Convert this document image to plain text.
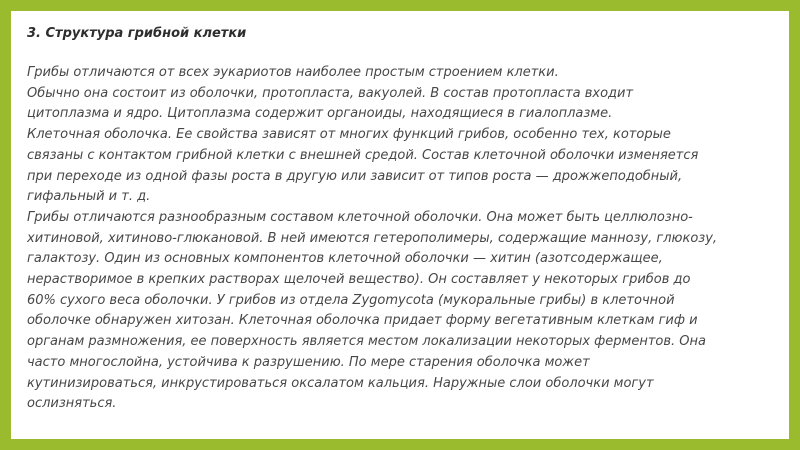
3. Структура грибной клетки
Грибы отличаются от всех эукариотов наиболее простым строением клетки.
Обычно она состоит из оболочки, протопласта, вакуолей. В состав протопласта входит
цитоплазма и ядро. Цитоплазма содержит органоиды, находящиеся в гиалоплазме.
Клеточная оболочка. Ее свойства зависят от многих функций грибов, особенно тех, которые
связаны с контактом грибной клетки с внешней средой. Состав клеточной оболочки изменяется
при переходе из одной фазы роста в другую или зависит от типов роста — дрожжеподобный,
гифальный и т. д.
Грибы отличаются разнообразным составом клеточной оболочки. Она может быть целлюлозно-
хитиновой, хитиново-глюкановой. В ней имеются гетерополимеры, содержащие маннозу, глюкозу,
галактозу. Один из основных компонентов клеточной оболочки — хитин (азотсодержащее,
нерастворимое в крепких растворах щелочей вещество). Он составляет у некоторых грибов до
60% сухого веса оболочки. У грибов из отдела Zygomycota (мукоральные грибы) в клеточной
оболочке обнаружен хитозан. Клеточная оболочка придает форму вегетативным клеткам гиф и
органам размножения, ее поверхность является местом локализации некоторых ферментов. Она
часто многослойна, устойчива к разрушению. По мере старения оболочка может
кутинизироваться, инкрустироваться оксалатом кальция. Наружные слои оболочки могут
ослизняться.
